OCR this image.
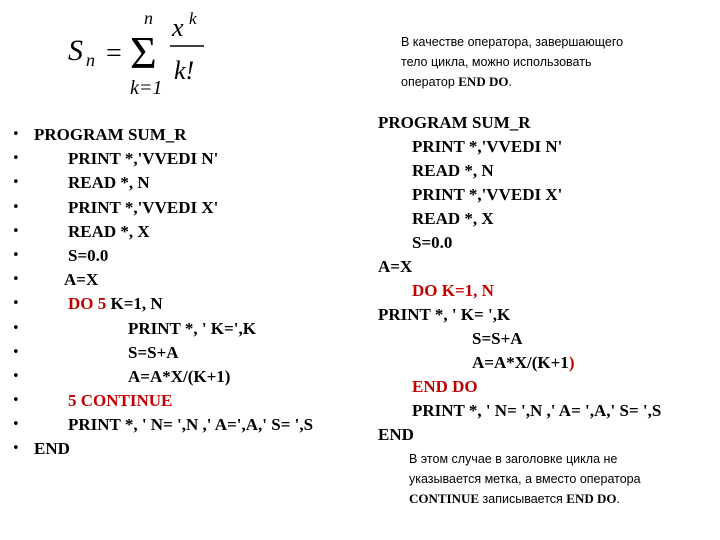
S n =
n
Σ
k=1
x k
k!
В качестве оператора, завершающего
тело цикла, можно использовать
оператор END DO.
• PROGRAM SUM_R
•	PRINT *,'VVEDI N'
•	READ *, N
•	PRINT *,'VVEDI X'
•	READ *, X
•	S=0.0
•	A=X
•	DO 5 K=1, N
•	PRINT *, ' K=',K
•	S=S+A
•	A=A*X/(K+1)
•	5 CONTINUE
•	PRINT *, ' N= ',N ,' A=',A,' S= ',S
• END
PROGRAM SUM_R
PRINT *,'VVEDI N'
READ *, N
PRINT *,'VVEDI X'
READ *, X
S=0.0
A=X
DO K=1, N
PRINT *, ' K= ',K
S=S+A
A=A*X/(K+1)
END DO
PRINT *, ' N= ',N ,' A= ',A,' S= ',S
END
В этом случае в заголовке цикла не
указывается метка, а вместо оператора
CONTINUE записывается END DO.
